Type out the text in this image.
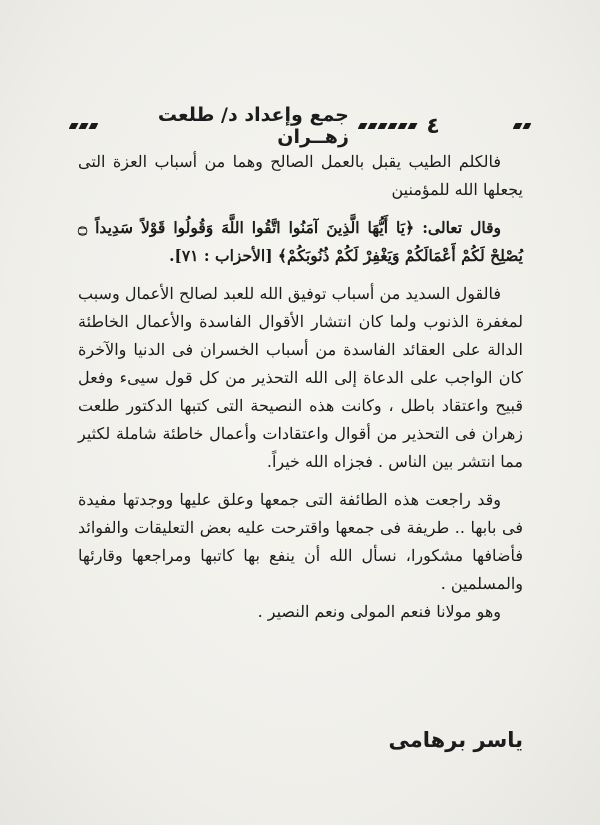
٤
جمع وإعداد د/ طلعت زهــران

فالكلم الطيب يقبل بالعمل الصالح وهما من أسباب العزة التى يجعلها الله للمؤمنين

وقال تعالى: ﴿يَا أَيُّهَا الَّذِينَ آمَنُوا اتَّقُوا اللَّهَ وَقُولُوا قَوْلاً سَدِيداً ۝ يُصْلِحْ لَكُمْ أَعْمَالَكُمْ وَيَغْفِرْ لَكُمْ ذُنُوبَكُمْ﴾ [الأحزاب : ٧١].

فالقول السديد من أسباب توفيق الله للعبد لصالح الأعمال وسبب لمغفرة الذنوب ولما كان انتشار الأقوال الفاسدة والأعمال الخاطئة الدالة على العقائد الفاسدة من أسباب الخسران فى الدنيا والآخرة كان الواجب على الدعاة إلى الله التحذير من كل قول سيىء وفعل قبيح واعتقاد باطل ، وكانت هذه النصيحة التى كتبها الدكتور طلعت زهران فى التحذير من أقوال واعتقادات وأعمال خاطئة شاملة لكثير مما انتشر بين الناس . فجزاه الله خيراً.

وقد راجعت هذه الطائفة التى جمعها وعلق عليها ووجدتها مفيدة فى بابها .. طريفة فى جمعها واقترحت عليه بعض التعليقات والفوائد فأضافها مشكورا، نسأل الله أن ينفع بها كاتبها ومراجعها وقارئها والمسلمين .

وهو مولانا فنعم المولى ونعم النصير .

ياسر برهامى
